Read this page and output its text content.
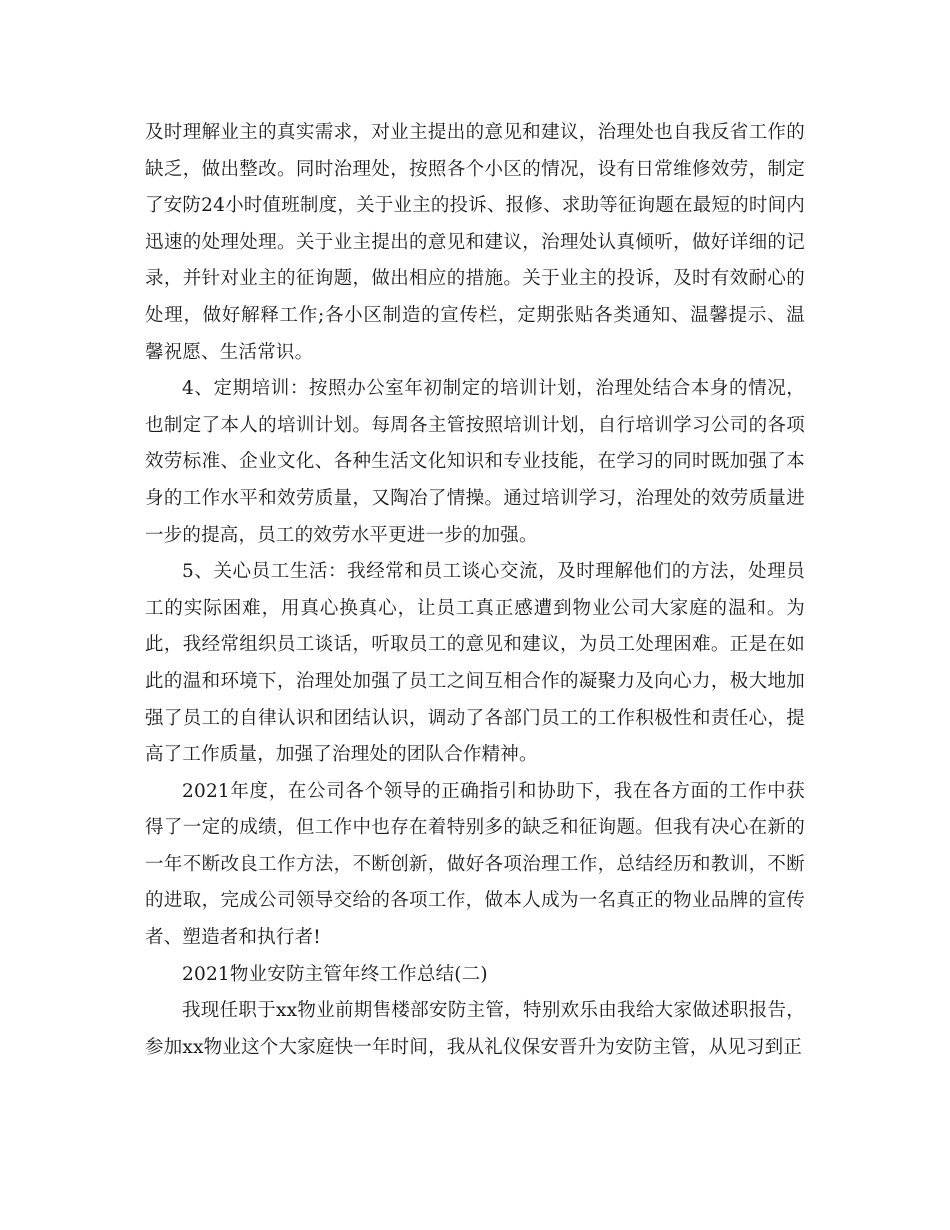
及时理解业主的真实需求，对业主提出的意见和建议，治理处也自我反省工作的缺乏，做出整改。同时治理处，按照各个小区的情况，设有日常维修效劳，制定了安防24小时值班制度，关于业主的投诉、报修、求助等征询题在最短的时间内迅速的处理处理。关于业主提出的意见和建议，治理处认真倾听，做好详细的记录，并针对业主的征询题，做出相应的措施。关于业主的投诉，及时有效耐心的处理，做好解释工作;各小区制造的宣传栏，定期张贴各类通知、温馨提示、温馨祝愿、生活常识。

4、定期培训：按照办公室年初制定的培训计划，治理处结合本身的情况，也制定了本人的培训计划。每周各主管按照培训计划，自行培训学习公司的各项效劳标准、企业文化、各种生活文化知识和专业技能，在学习的同时既加强了本身的工作水平和效劳质量，又陶冶了情操。通过培训学习，治理处的效劳质量进一步的提高，员工的效劳水平更进一步的加强。

5、关心员工生活：我经常和员工谈心交流，及时理解他们的方法，处理员工的实际困难，用真心换真心，让员工真正感遭到物业公司大家庭的温和。为此，我经常组织员工谈话，听取员工的意见和建议，为员工处理困难。正是在如此的温和环境下，治理处加强了员工之间互相合作的凝聚力及向心力，极大地加强了员工的自律认识和团结认识，调动了各部门员工的工作积极性和责任心，提高了工作质量，加强了治理处的团队合作精神。

2021年度，在公司各个领导的正确指引和协助下，我在各方面的工作中获得了一定的成绩，但工作中也存在着特别多的缺乏和征询题。但我有决心在新的一年不断改良工作方法，不断创新，做好各项治理工作，总结经历和教训，不断的进取，完成公司领导交给的各项工作，做本人成为一名真正的物业品牌的宣传者、塑造者和执行者!

2021物业安防主管年终工作总结(二)

我现任职于xx物业前期售楼部安防主管，特别欢乐由我给大家做述职报告，参加xx物业这个大家庭快一年时间，我从礼仪保安晋升为安防主管，从见习到正
